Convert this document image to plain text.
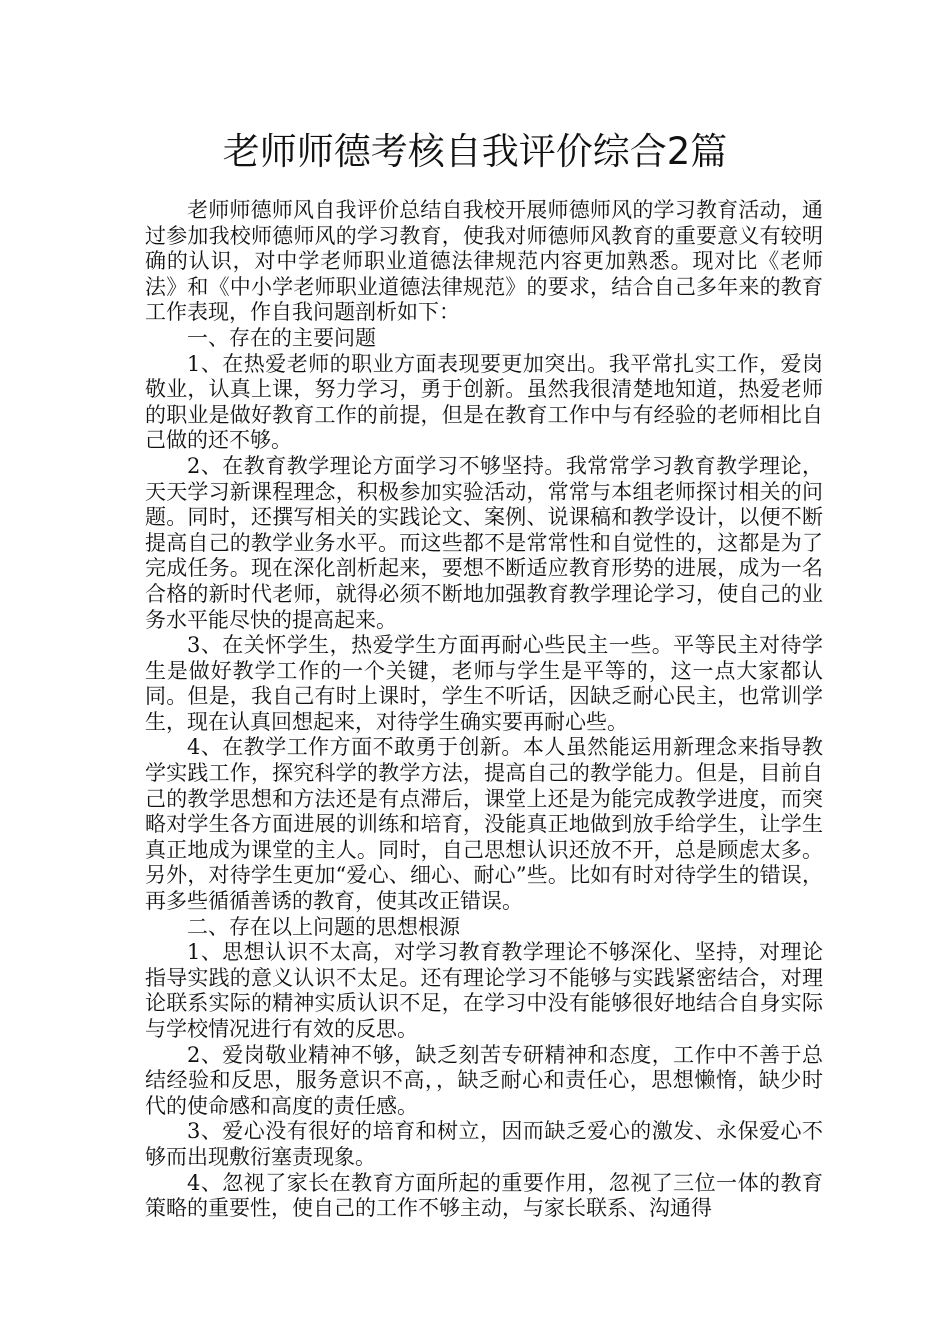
老师师德考核自我评价综合2篇

老师师德师风自我评价总结自我校开展师德师风的学习教育活动，通过参加我校师德师风的学习教育，使我对师德师风教育的重要意义有较明确的认识，对中学老师职业道德法律规范内容更加熟悉。现对比《老师法》和《中小学老师职业道德法律规范》的要求，结合自己多年来的教育工作表现，作自我问题剖析如下：

一、存在的主要问题

1、在热爱老师的职业方面表现要更加突出。我平常扎实工作，爱岗敬业，认真上课，努力学习，勇于创新。虽然我很清楚地知道，热爱老师的职业是做好教育工作的前提，但是在教育工作中与有经验的老师相比自己做的还不够。

2、在教育教学理论方面学习不够坚持。我常常学习教育教学理论，天天学习新课程理念，积极参加实验活动，常常与本组老师探讨相关的问题。同时，还撰写相关的实践论文、案例、说课稿和教学设计，以便不断提高自己的教学业务水平。而这些都不是常常性和自觉性的，这都是为了完成任务。现在深化剖析起来，要想不断适应教育形势的进展，成为一名合格的新时代老师，就得必须不断地加强教育教学理论学习，使自己的业务水平能尽快的提高起来。

3、在关怀学生，热爱学生方面再耐心些民主一些。平等民主对待学生是做好教学工作的一个关键，老师与学生是平等的，这一点大家都认同。但是，我自己有时上课时，学生不听话，因缺乏耐心民主，也常训学生，现在认真回想起来，对待学生确实要再耐心些。

4、在教学工作方面不敢勇于创新。本人虽然能运用新理念来指导教学实践工作，探究科学的教学方法，提高自己的教学能力。但是，目前自己的教学思想和方法还是有点滞后，课堂上还是为能完成教学进度，而突略对学生各方面进展的训练和培育，没能真正地做到放手给学生，让学生真正地成为课堂的主人。同时，自己思想认识还放不开，总是顾虑太多。另外，对待学生更加“爱心、细心、耐心”些。比如有时对待学生的错误，再多些循循善诱的教育，使其改正错误。

二、存在以上问题的思想根源

1、思想认识不太高，对学习教育教学理论不够深化、坚持，对理论指导实践的意义认识不太足。还有理论学习不能够与实践紧密结合，对理论联系实际的精神实质认识不足，在学习中没有能够很好地结合自身实际与学校情况进行有效的反思。

2、爱岗敬业精神不够，缺乏刻苦专研精神和态度，工作中不善于总结经验和反思，服务意识不高，，缺乏耐心和责任心，思想懒惰，缺少时代的使命感和高度的责任感。

3、爱心没有很好的培育和树立，因而缺乏爱心的激发、永保爱心不够而出现敷衍塞责现象。

4、忽视了家长在教育方面所起的重要作用，忽视了三位一体的教育策略的重要性，使自己的工作不够主动，与家长联系、沟通得
